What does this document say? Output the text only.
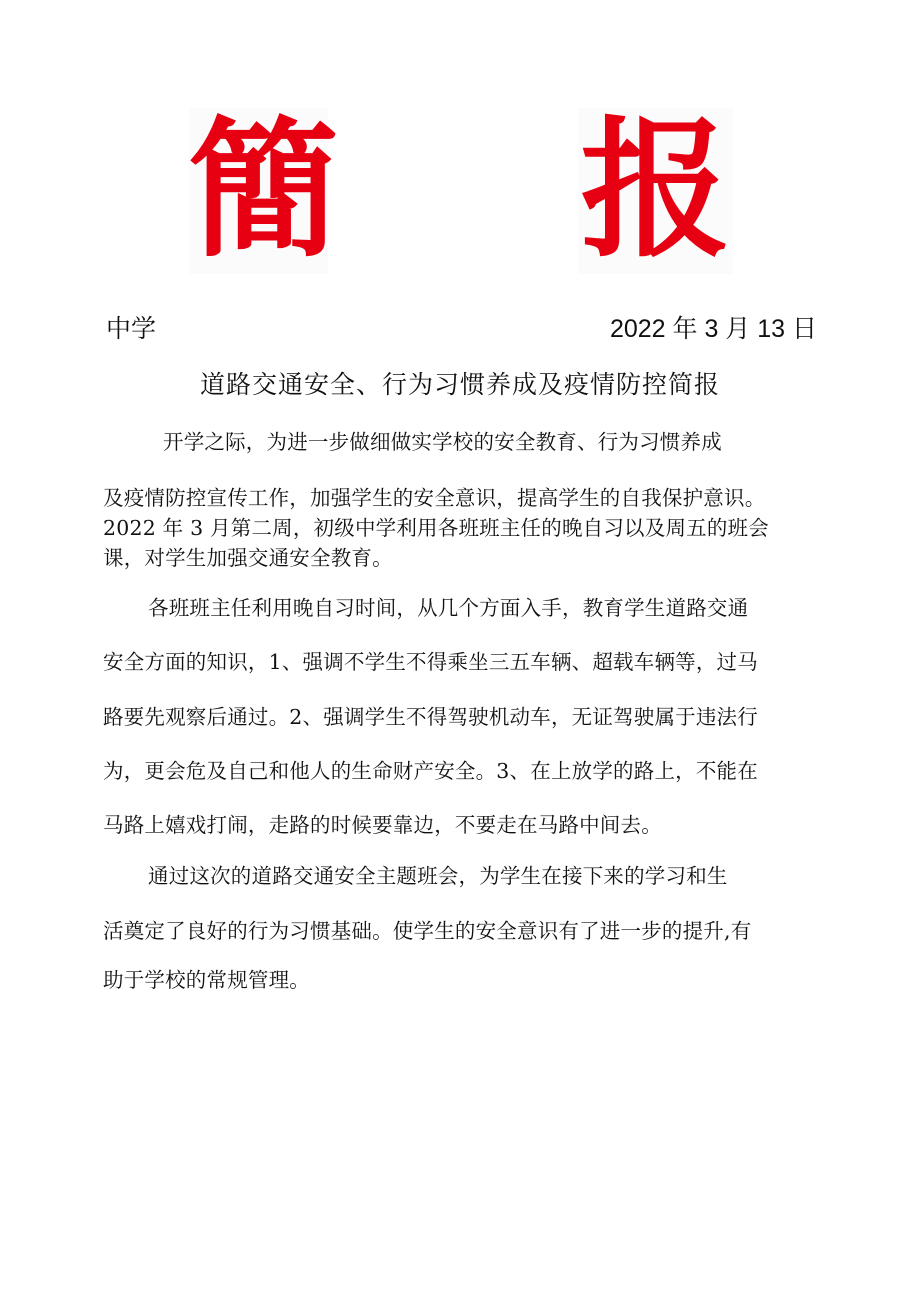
簡 报
中学	2022 年 3 月 13 日
道路交通安全、行为习惯养成及疫情防控简报
开学之际，为进一步做细做实学校的安全教育、行为习惯养成
及疫情防控宣传工作，加强学生的安全意识，提高学生的自我保护意识。
2022 年 3 月第二周，初级中学利用各班班主任的晚自习以及周五的班会
课，对学生加强交通安全教育。
各班班主任利用晚自习时间，从几个方面入手，教育学生道路交通
安全方面的知识，1、强调不学生不得乘坐三五车辆、超载车辆等，过马
路要先观察后通过。2、强调学生不得驾驶机动车，无证驾驶属于违法行
为，更会危及自己和他人的生命财产安全。3、在上放学的路上，不能在
马路上嬉戏打闹，走路的时候要靠边，不要走在马路中间去。
通过这次的道路交通安全主题班会，为学生在接下来的学习和生
活奠定了良好的行为习惯基础。使学生的安全意识有了进一步的提升,有
助于学校的常规管理。
